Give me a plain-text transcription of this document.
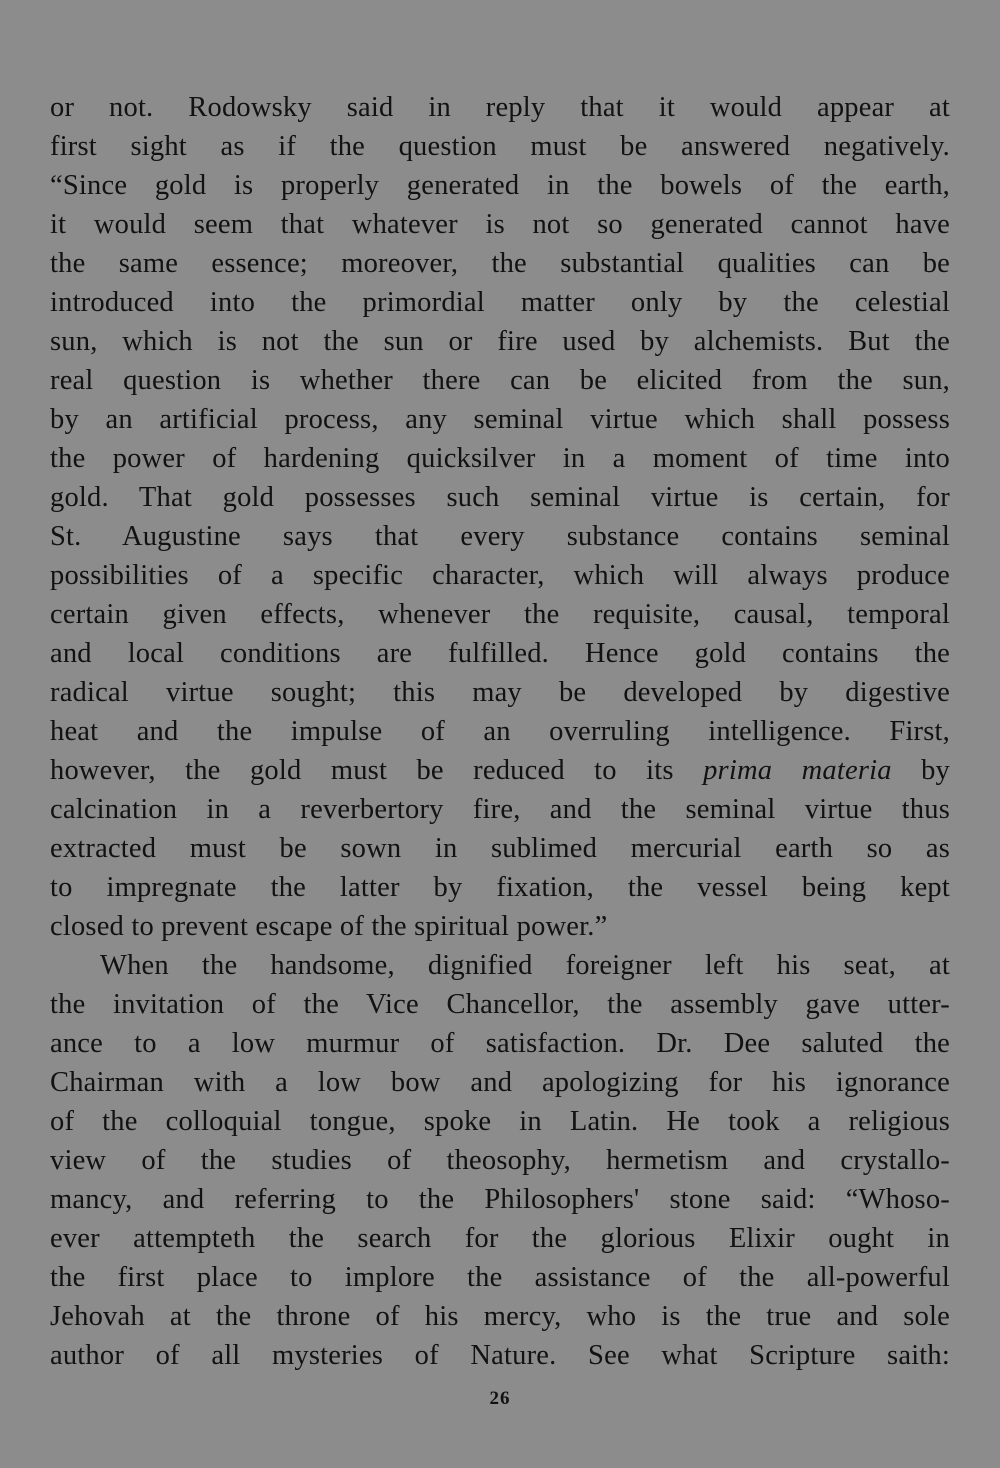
or not. Rodowsky said in reply that it would appear at
first sight as if the question must be answered negatively.
“Since gold is properly generated in the bowels of the earth,
it would seem that whatever is not so generated cannot have
the same essence; moreover, the substantial qualities can be
introduced into the primordial matter only by the celestial
sun, which is not the sun or fire used by alchemists. But the
real question is whether there can be elicited from the sun,
by an artificial process, any seminal virtue which shall possess
the power of hardening quicksilver in a moment of time into
gold. That gold possesses such seminal virtue is certain, for
St. Augustine says that every substance contains seminal
possibilities of a specific character, which will always produce
certain given effects, whenever the requisite, causal, temporal
and local conditions are fulfilled. Hence gold contains the
radical virtue sought; this may be developed by digestive
heat and the impulse of an overruling intelligence. First,
however, the gold must be reduced to its prima materia by
calcination in a reverbertory fire, and the seminal virtue thus
extracted must be sown in sublimed mercurial earth so as
to impregnate the latter by fixation, the vessel being kept
closed to prevent escape of the spiritual power.”
When the handsome, dignified foreigner left his seat, at
the invitation of the Vice Chancellor, the assembly gave utter-
ance to a low murmur of satisfaction. Dr. Dee saluted the
Chairman with a low bow and apologizing for his ignorance
of the colloquial tongue, spoke in Latin. He took a religious
view of the studies of theosophy, hermetism and crystallo-
mancy, and referring to the Philosophers' stone said: “Whoso-
ever attempteth the search for the glorious Elixir ought in
the first place to implore the assistance of the all-powerful
Jehovah at the throne of his mercy, who is the true and sole
author of all mysteries of Nature. See what Scripture saith:
26
